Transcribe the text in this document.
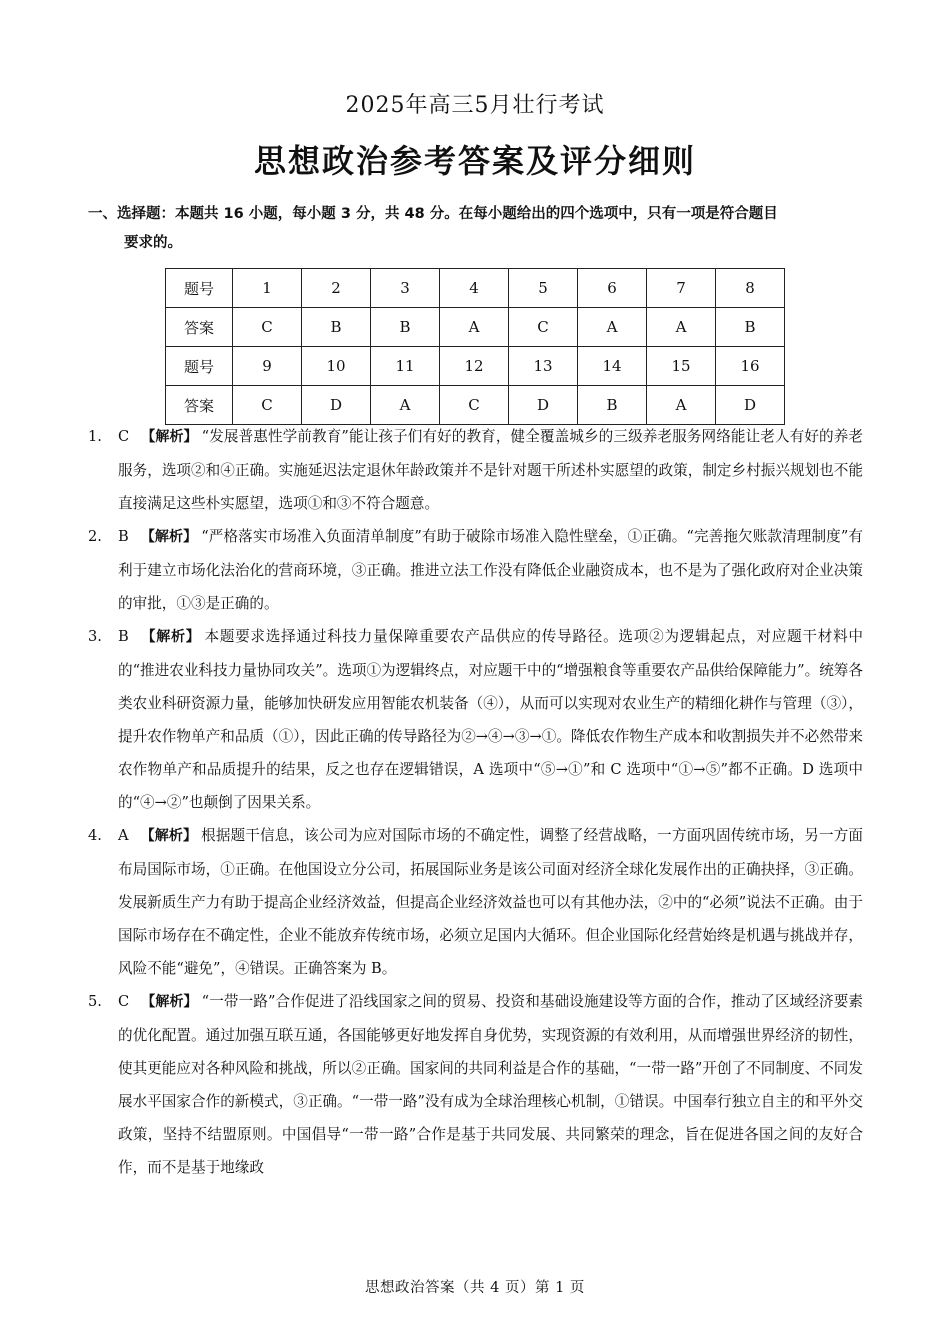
2025年高三5月壮行考试
思想政治参考答案及评分细则
一、选择题：本题共 16 小题，每小题 3 分，共 48 分。在每小题给出的四个选项中，只有一项是符合题目
要求的。
题号	1	2	3	4	5	6	7	8
答案	C	B	B	A	C	A	A	B
题号	9	10	11	12	13	14	15	16
答案	C	D	A	C	D	B	A	D
1.	C 【解析】 “发展普惠性学前教育”能让孩子们有好的教育，健全覆盖城乡的三级养老服务网络能让老人有好的养老服务，选项②和④正确。实施延迟法定退休年龄政策并不是针对题干所述朴实愿望的政策，制定乡村振兴规划也不能直接满足这些朴实愿望，选项①和③不符合题意。
2.	B 【解析】 “严格落实市场准入负面清单制度”有助于破除市场准入隐性壁垒，①正确。“完善拖欠账款清理制度”有利于建立市场化法治化的营商环境，③正确。推进立法工作没有降低企业融资成本，也不是为了强化政府对企业决策的审批，①③是正确的。
3.	B 【解析】 本题要求选择通过科技力量保障重要农产品供应的传导路径。选项②为逻辑起点，对应题干材料中的“推进农业科技力量协同攻关”。选项①为逻辑终点，对应题干中的“增强粮食等重要农产品供给保障能力”。统筹各类农业科研资源力量，能够加快研发应用智能农机装备（④），从而可以实现对农业生产的精细化耕作与管理（③），提升农作物单产和品质（①），因此正确的传导路径为②→④→③→①。降低农作物生产成本和收割损失并不必然带来农作物单产和品质提升的结果，反之也存在逻辑错误，A 选项中“⑤→①”和 C 选项中“①→⑤”都不正确。D 选项中的“④→②”也颠倒了因果关系。
4.	A 【解析】 根据题干信息，该公司为应对国际市场的不确定性，调整了经营战略，一方面巩固传统市场，另一方面布局国际市场，①正确。在他国设立分公司，拓展国际业务是该公司面对经济全球化发展作出的正确抉择，③正确。发展新质生产力有助于提高企业经济效益，但提高企业经济效益也可以有其他办法，②中的“必须”说法不正确。由于国际市场存在不确定性，企业不能放弃传统市场，必须立足国内大循环。但企业国际化经营始终是机遇与挑战并存，风险不能“避免”，④错误。正确答案为 B。
5.	C 【解析】 “一带一路”合作促进了沿线国家之间的贸易、投资和基础设施建设等方面的合作，推动了区域经济要素的优化配置。通过加强互联互通，各国能够更好地发挥自身优势，实现资源的有效利用，从而增强世界经济的韧性，使其更能应对各种风险和挑战，所以②正确。国家间的共同利益是合作的基础，“一带一路”开创了不同制度、不同发展水平国家合作的新模式，③正确。“一带一路”没有成为全球治理核心机制，①错误。中国奉行独立自主的和平外交政策，坚持不结盟原则。中国倡导“一带一路”合作是基于共同发展、共同繁荣的理念，旨在促进各国之间的友好合作，而不是基于地缘政
思想政治答案（共 4 页）第 1 页
